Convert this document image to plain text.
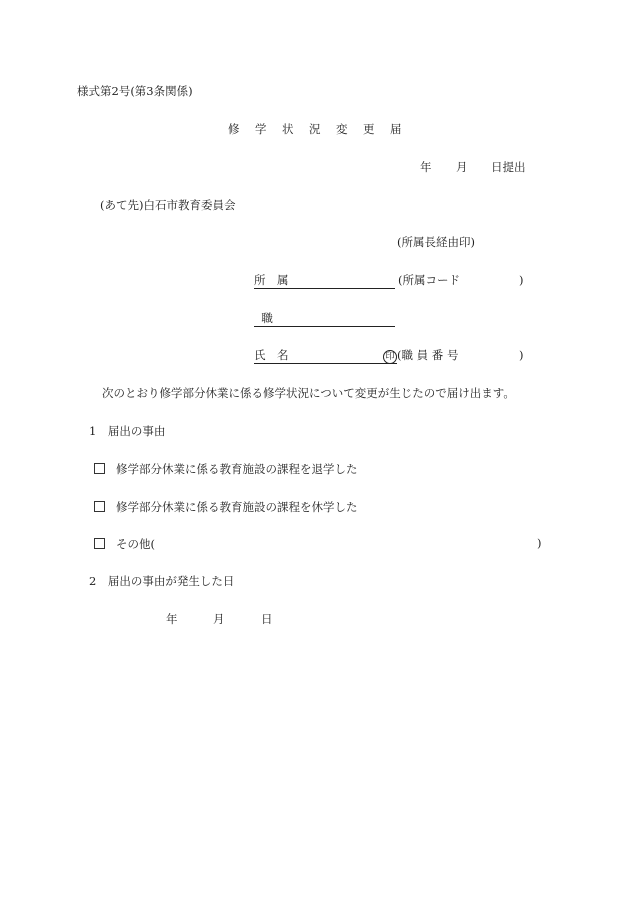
様式第2号(第3条関係)
修 学 状 況 変 更 届
年 月 日提出
(あて先)白石市教育委員会
(所属長経由印)
所　属	(所属コード	)
職
氏　名	印 (職 員 番 号	)
次のとおり修学部分休業に係る修学状況について変更が生じたので届け出ます。
1　届出の事由
修学部分休業に係る教育施設の課程を退学した
修学部分休業に係る教育施設の課程を休学した
その他(	)
2　届出の事由が発生した日
年	月	日
